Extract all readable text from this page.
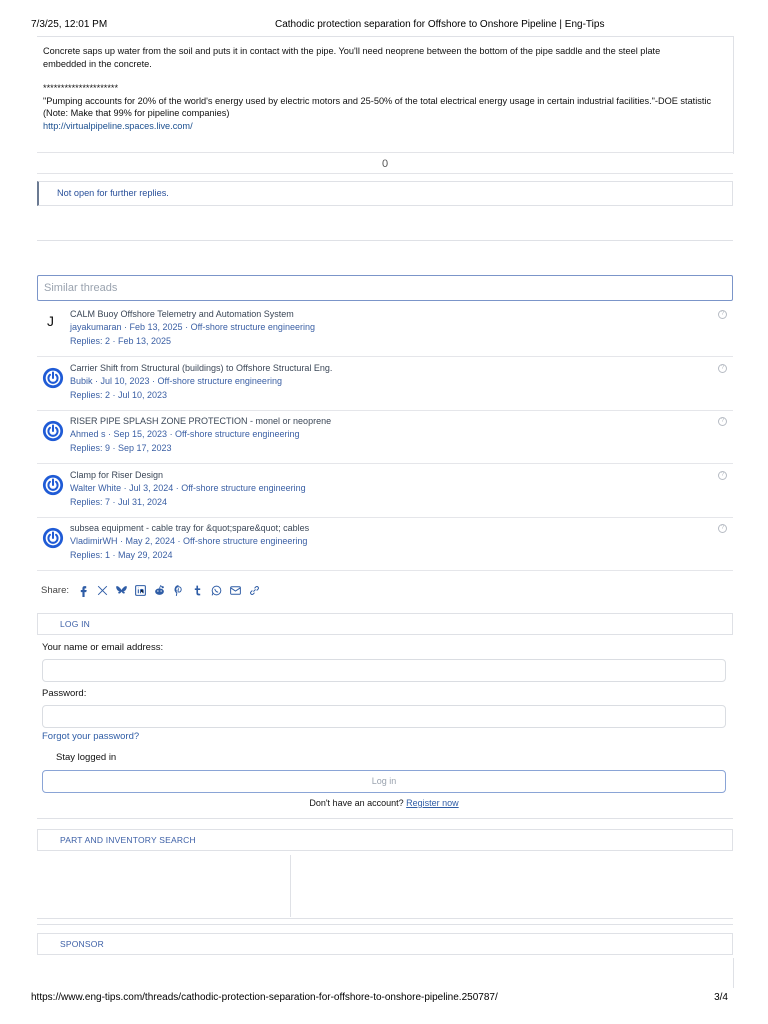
7/3/25, 12:01 PM	Cathodic protection separation for Offshore to Onshore Pipeline | Eng-Tips

Concrete saps up water from the soil and puts it in contact with the pipe. You'll need neoprene between the bottom of the pipe saddle and the steel plate

embedded in the concrete.

*********************

"Pumping accounts for 20% of the world's energy used by electric motors and 25-50% of the total electrical energy usage in certain industrial facilities."-DOE statistic

(Note: Make that 99% for pipeline companies)

http://virtualpipeline.spaces.live.com/

0
Not open for further replies.
Similar threads
J CALM Buoy Offshore Telemetry and Automation System
jayakumaran · Feb 13, 2025 · Off-shore structure engineering
Replies: 2 · Feb 13, 2025
?
Carrier Shift from Structural (buildings) to Offshore Structural Eng.
Bubik · Jul 10, 2023 · Off-shore structure engineering
Replies: 2 · Jul 10, 2023
?
RISER PIPE SPLASH ZONE PROTECTION - monel or neoprene
Ahmed s · Sep 15, 2023 · Off-shore structure engineering
Replies: 9 · Sep 17, 2023
?
Clamp for Riser Design
Walter White · Jul 3, 2024 · Off-shore structure engineering
Replies: 7 · Jul 31, 2024
?
subsea equipment - cable tray for &quot;spare&quot; cables
VladimirWH · May 2, 2024 · Off-shore structure engineering
Replies: 1 · May 29, 2024
?
Share:
LOG IN
Your name or email address:
Password:
Forgot your password?
Stay logged in
Log in
Don't have an account? Register now
PART AND INVENTORY SEARCH
SPONSOR
https://www.eng-tips.com/threads/cathodic-protection-separation-for-offshore-to-onshore-pipeline.250787/	3/4
